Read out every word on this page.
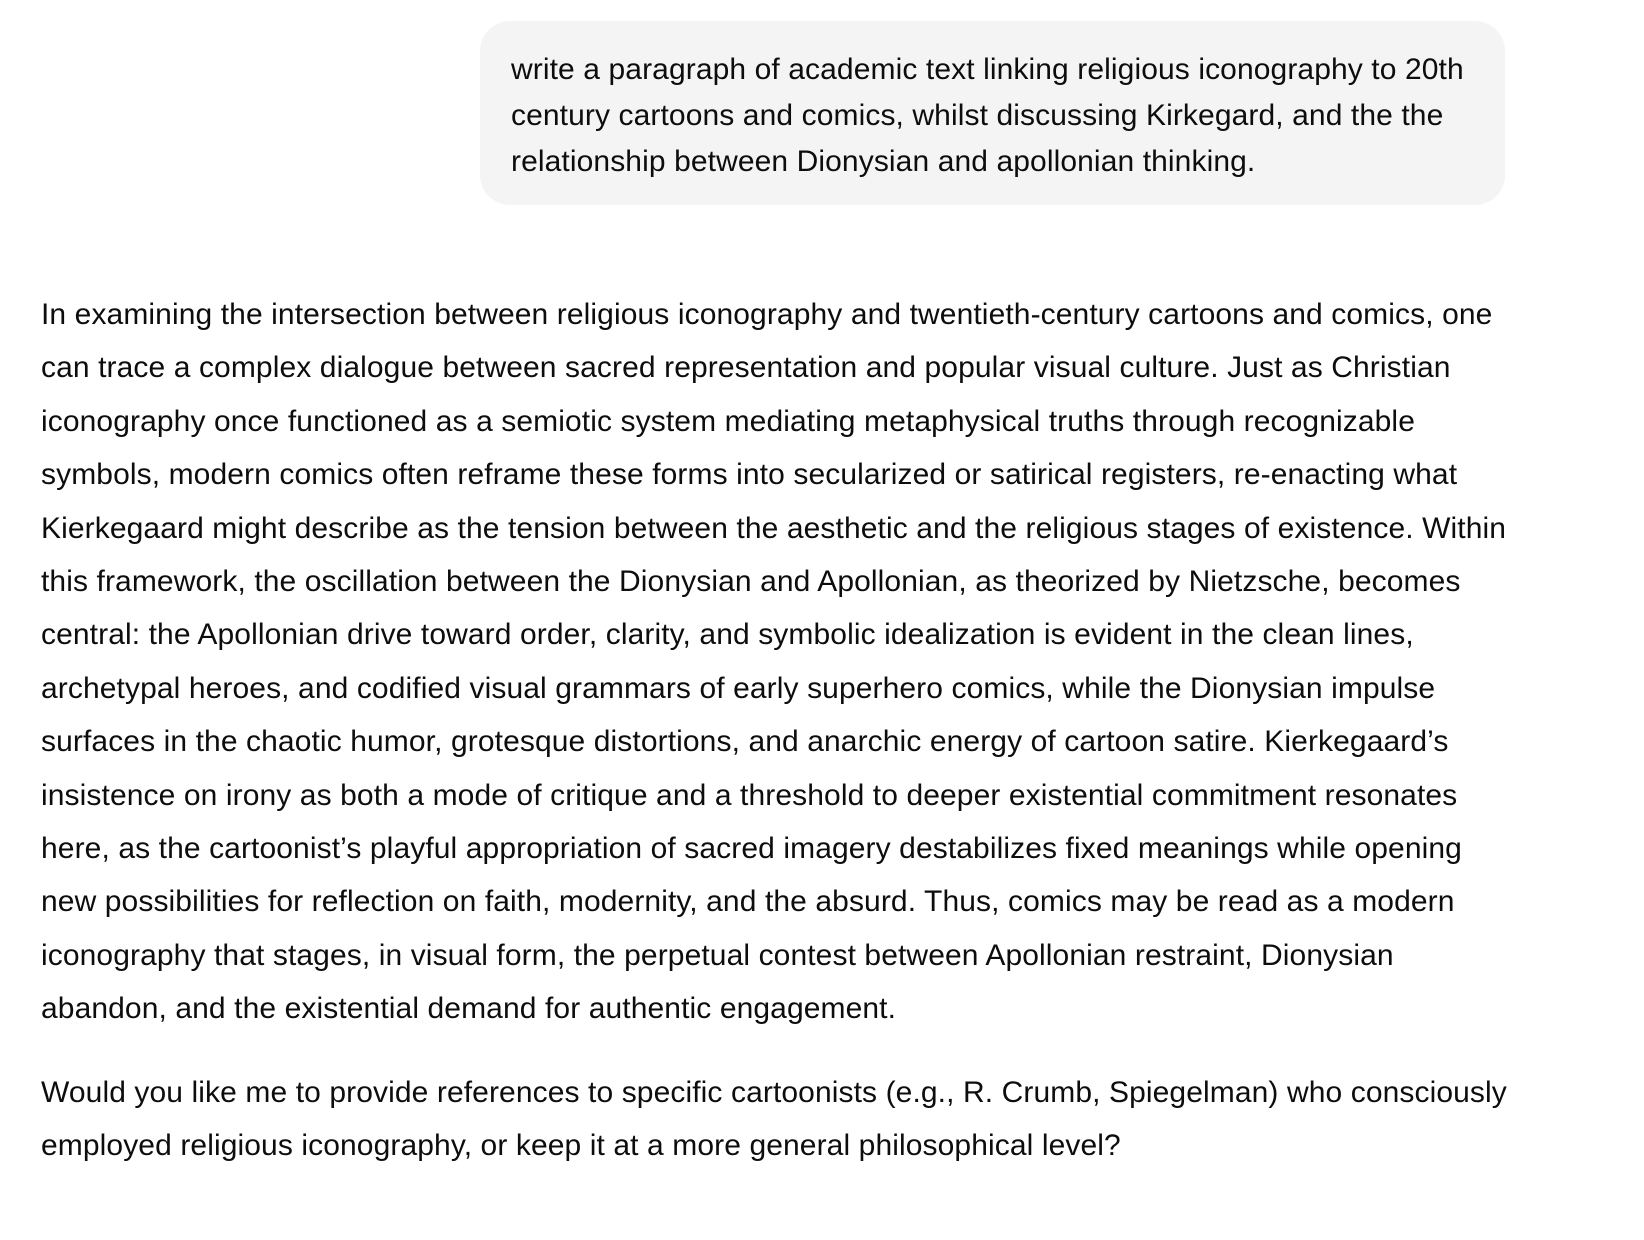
write a paragraph of academic text linking religious iconography to 20th century cartoons and comics, whilst discussing Kirkegard, and the the relationship between Dionysian and apollonian thinking.

In examining the intersection between religious iconography and twentieth-century cartoons and comics, one can trace a complex dialogue between sacred representation and popular visual culture. Just as Christian iconography once functioned as a semiotic system mediating metaphysical truths through recognizable symbols, modern comics often reframe these forms into secularized or satirical registers, re-enacting what Kierkegaard might describe as the tension between the aesthetic and the religious stages of existence. Within this framework, the oscillation between the Dionysian and Apollonian, as theorized by Nietzsche, becomes central: the Apollonian drive toward order, clarity, and symbolic idealization is evident in the clean lines, archetypal heroes, and codified visual grammars of early superhero comics, while the Dionysian impulse surfaces in the chaotic humor, grotesque distortions, and anarchic energy of cartoon satire. Kierkegaard’s insistence on irony as both a mode of critique and a threshold to deeper existential commitment resonates here, as the cartoonist’s playful appropriation of sacred imagery destabilizes fixed meanings while opening new possibilities for reflection on faith, modernity, and the absurd. Thus, comics may be read as a modern iconography that stages, in visual form, the perpetual contest between Apollonian restraint, Dionysian abandon, and the existential demand for authentic engagement.

Would you like me to provide references to specific cartoonists (e.g., R. Crumb, Spiegelman) who consciously employed religious iconography, or keep it at a more general philosophical level?
